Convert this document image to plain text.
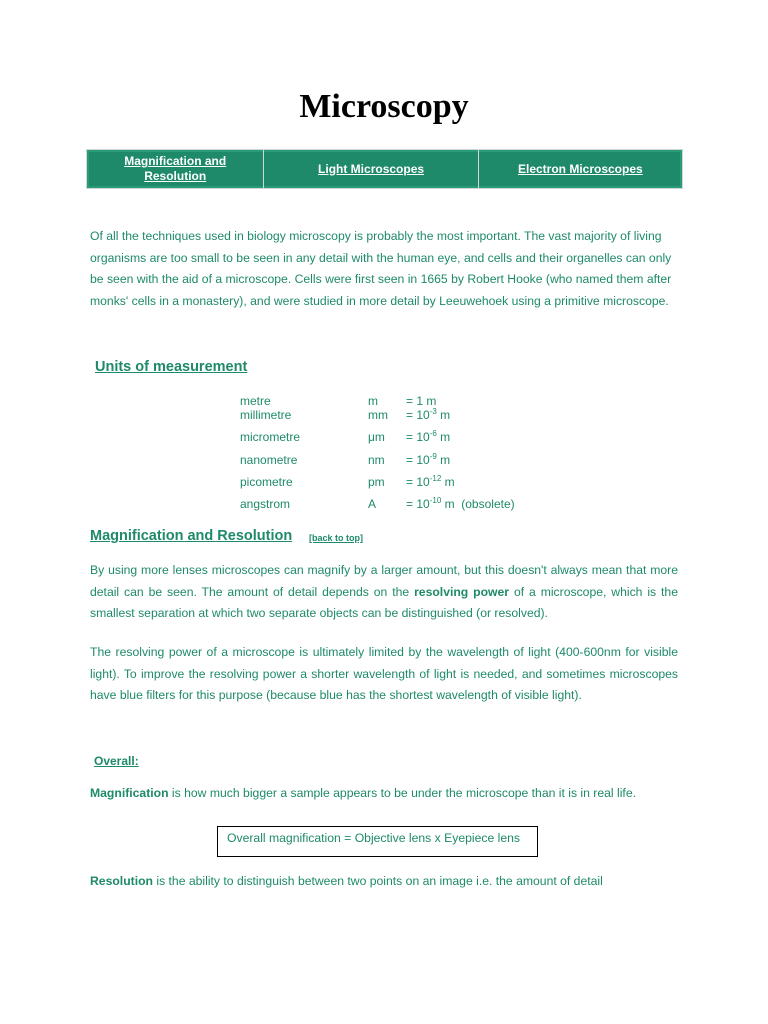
Microscopy
Magnification and Resolution
Light Microscopes	Electron Microscopes
Of all the techniques used in biology microscopy is probably the most important. The vast majority of living organisms are too small to be seen in any detail with the human eye, and cells and their organelles can only be seen with the aid of a microscope. Cells were first seen in 1665 by Robert Hooke (who named them after monks' cells in a monastery), and were studied in more detail by Leeuwehoek using a primitive microscope.
Units of measurement
metre	m = 1 m
millimetre	mm = $10^{-3}$ m
micrometre	$\mu m = 10^{-6}$ m
nanometre	nm = $10^{-9}$ m
picometre	pm = $10^{-12}$ m
angstrom	$A = 10^{-10}$ m  (obsolete)
Magnification and Resolution [back to top]
By using more lenses microscopes can magnify by a larger amount, but this doesn't always mean that more detail can be seen. The amount of detail depends on the resolving power of a microscope, which is the smallest separation at which two separate objects can be distinguished (or resolved).
The resolving power of a microscope is ultimately limited by the wavelength of light (400-600nm for visible light). To improve the resolving power a shorter wavelength of light is needed, and sometimes microscopes have blue filters for this purpose (because blue has the shortest wavelength of visible light).
Overall:
Magnification is how much bigger a sample appears to be under the microscope than it is in real life.
Overall magnification = Objective lens x Eyepiece lens
Resolution is the ability to distinguish between two points on an image i.e. the amount of detail
